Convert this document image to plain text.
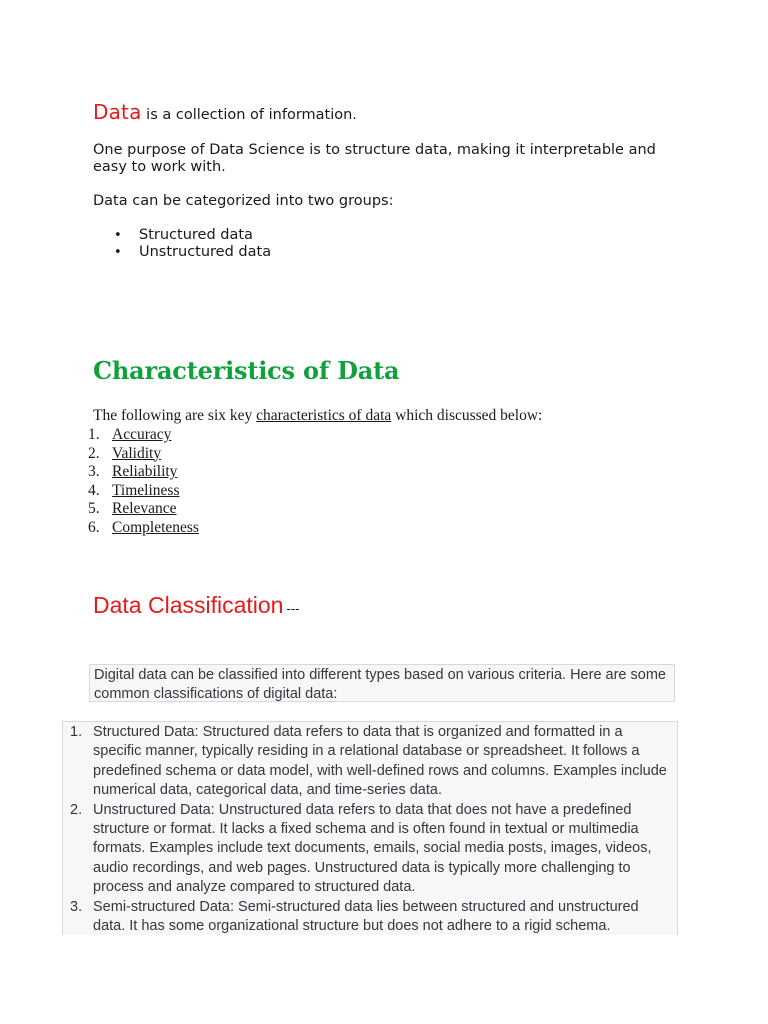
Data is a collection of information.

One purpose of Data Science is to structure data, making it interpretable and easy to work with.

Data can be categorized into two groups:

• Structured data
• Unstructured data
Characteristics of Data

The following are six key characteristics of data which discussed below:

1. Accuracy
2. Validity
3. Reliability
4. Timeliness
5. Relevance
6. Completeness
Data Classification ---
Digital data can be classified into different types based on various criteria. Here are some common classifications of digital data:
1. Structured Data: Structured data refers to data that is organized and formatted in a specific manner, typically residing in a relational database or spreadsheet. It follows a predefined schema or data model, with well-defined rows and columns. Examples include numerical data, categorical data, and time-series data.
2. Unstructured Data: Unstructured data refers to data that does not have a predefined structure or format. It lacks a fixed schema and is often found in textual or multimedia formats. Examples include text documents, emails, social media posts, images, videos, audio recordings, and web pages. Unstructured data is typically more challenging to process and analyze compared to structured data.
3. Semi-structured Data: Semi-structured data lies between structured and unstructured data. It has some organizational structure but does not adhere to a rigid schema.
